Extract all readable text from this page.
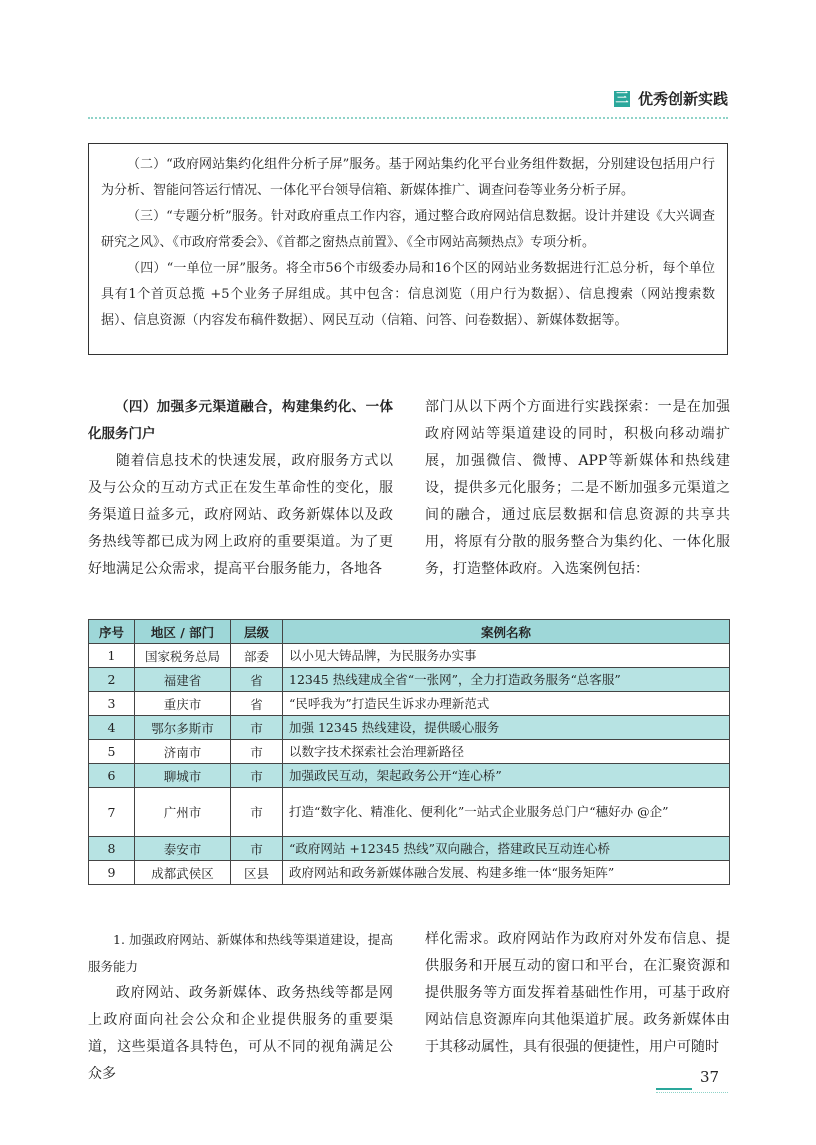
三 优秀创新实践

（二）“政府网站集约化组件分析子屏”服务。基于网站集约化平台业务组件数据，分别建设包括用户行为分析、智能问答运行情况、一体化平台领导信箱、新媒体推广、调查问卷等业务分析子屏。

（三）“专题分析”服务。针对政府重点工作内容，通过整合政府网站信息数据。设计并建设《大兴调查研究之风》、《市政府常委会》、《首都之窗热点前置》、《全市网站高频热点》专项分析。

（四）“一单位一屏”服务。将全市56个市级委办局和16个区的网站业务数据进行汇总分析，每个单位具有1个首页总揽 +5个业务子屏组成。其中包含：信息浏览（用户行为数据）、信息搜索（网站搜索数据）、信息资源（内容发布稿件数据）、网民互动（信箱、问答、问卷数据）、新媒体数据等。

（四）加强多元渠道融合，构建集约化、一体化服务门户

随着信息技术的快速发展，政府服务方式以及与公众的互动方式正在发生革命性的变化，服务渠道日益多元，政府网站、政务新媒体以及政务热线等都已成为网上政府的重要渠道。为了更好地满足公众需求，提高平台服务能力，各地各

部门从以下两个方面进行实践探索：一是在加强政府网站等渠道建设的同时，积极向移动端扩展，加强微信、微博、APP等新媒体和热线建设，提供多元化服务；二是不断加强多元渠道之间的融合，通过底层数据和信息资源的共享共用，将原有分散的服务整合为集约化、一体化服务，打造整体政府。入选案例包括：

序号	地区 / 部门	层级	案例名称
1	国家税务总局	部委	以小见大铸品牌，为民服务办实事
2	福建省	省	12345 热线建成全省“一张网”，全力打造政务服务“总客服”
3	重庆市	省	“民呼我为”打造民生诉求办理新范式
4	鄂尔多斯市	市	加强 12345 热线建设，提供暖心服务
5	济南市	市	以数字技术探索社会治理新路径
6	聊城市	市	加强政民互动，架起政务公开“连心桥”
7	广州市	市	打造“数字化、精准化、便利化”一站式企业服务总门户“穗好办 @企”
8	泰安市	市	“政府网站 +12345 热线”双向融合，搭建政民互动连心桥
9	成都武侯区	区县	政府网站和政务新媒体融合发展、构建多维一体“服务矩阵”

1. 加强政府网站、新媒体和热线等渠道建设，提高服务能力

政府网站、政务新媒体、政务热线等都是网上政府面向社会公众和企业提供服务的重要渠道，这些渠道各具特色，可从不同的视角满足公众多

样化需求。政府网站作为政府对外发布信息、提供服务和开展互动的窗口和平台，在汇聚资源和提供服务等方面发挥着基础性作用，可基于政府网站信息资源库向其他渠道扩展。政务新媒体由于其移动属性，具有很强的便捷性，用户可随时

37
